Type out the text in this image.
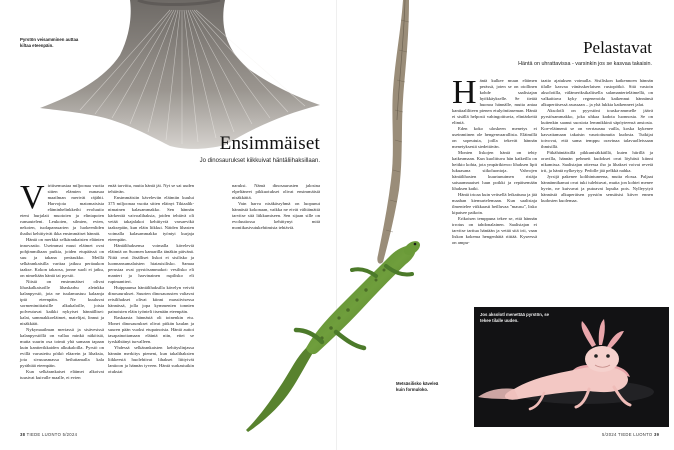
Pyrstön veisamminen auttaa kiltaa eteenpäin.
Ensimmäiset
Jo dinosaurukset kiikkuivat häntäliihaksillaan.

Viritisemustaa miljoonaa vuotta sitten elämien nunasaa maailman meriväi räjähti. Harvojoia matomaisista eläminhelinkkeihi evoluutio eteni hurjalait muotoien ja elintapoien runsauteleni. Leukoien, silmien, evien, nekoien, tuolapanssarien ja luokeenliden ihailut kehittyivät ikka ensimmäiset hännät.

Häntä on merkkä selkärankaisten eläinten innovaatio. Useimmat muut eläimet ovat pohjimmiltaan putkia, joiden etupäässä on suu ja takana peräaukko. Meillä selkärankaisilla varttaa jatkuu peräaukon taakse. Kokon takaosa, jonne suoli ei jatku, on nimeltään häntä tai pyrstö.

Niistä on ensimmäiset olivat lihaskalkaisoille lihaskarhu aleinkka kalanpyrstö, jota ne tuulamustuu kalaanja iptä eteenpäin. Ne kuuluvat sormenimittaisille alkukaloille, joista polveutuvat kaikki nykyiset hännälliset: kalat, sammakkoeläimet, matelijat, linnut ja nisäkkäät.

Nykymaailman meriassä ja sisävesissä kalanpyrstöllä on vallaa minkä näköisiä, mutta suurin osa toimii yhä samaan tapaan kuin kantterikkaiden alkukaloilla. Pyrstö on evillä varustettu pötkö eläarein ja lihaksia, jota sivuuusmassa heiluttamalla kala pyrähtää eteenpäin.

Kun selkärankaiset eläimet alkoivat tuusivat kuivalle maalle, ei evien

enää tarvittu, mutta häntä jäi. Nyt se sai uuden tehtävän.

Ensimmäisiin käveleviin eläimiin kuului 375 miljoonaa vuotta sitten eläinyt Tiktaalik-nimainen kalasammakko. Sen hännän kärkenttä vaivoalihaksia, joiden tehtävä oli vetää takajalakoi kehittyviä varsaevikä taaksepäin, kun eläin liikkui. Näiden lihasten voimalla kalasammakko työntyi kurjaja eteenpäin.

Häntälihaksensa voimalla käveleviä eläimiä on Suomen kamarilla tänäkin päivänä. Niitä ovat Jäsälliset liskot ei sisilisko ja luonnansumalaisten hiatasisilisko. Samaa perustaa ovat pyrstösammakot: vesilisko eli mantert ja harvinainen rupilisko eli rupimantteri.

Huippuunsa häntälihaksilla kävelyn veivät dinosaurukset. Suurten dinosaurusten valtavat reisilihakset olivat kiinni massiivisessa hännässä, jolla jopa kymmenien tonnien painoisten eläin työnteli itsenään eteenpäin.

Raskaasta hännästä oli toinenkin etu. Monet dinosaurukset olivat pitkän kaulan ja suuren pään vuoksi etupainoisia. Häntä auttoi tasapainottamaan eläintä niin, ettei se tyrskähtänyt turvalleen.

Yhdessä selkärankaisten kehityslinjassa hännän merkitys pieneni, kun takalihaksien liikkeestä huolehtivat lihakset liittyivät lantioon ja hännän tyveen. Häntä surkastuikin otuksiai

naruksi. Nämä dinosaurusten jalosina elpeltäneet pikkuotukset olivat ensimmäisiä nisäkkäitä.

Vain harva nisäkäsryhmä on luopunut hännästä kokonaan, vaikka ne eivät välttämättä tarvitse sitä liikkumiseen. Sen sijaan sille on evoluutiossa kehittynyt mitä moniikasivutukehtimista tehtäviä.

38 TIEDE LUONTO 5/2024
Metsäsilisko käveleä kuin formuloko.
Pelastavat
Häntä on uhrattavissa - varsinkin jos se kasvaa takaisin.

Häntä kulkee muun eläimen perässä, joten se on otollinen kohde saalistajan hyökkäykselle. Se tietää huonoa hännälle, mutta antaa kantiaaliliteen pienen etulyöntiaseman. Häntä ei sisällä helposti vahingoittuvia, elintärkeitä elimiä.

Eden koko uloskeen menetys ei useinmiinen ole hengenvaarallista. Eläimillä on sopeutuia, joilla tekevät hännän menetyksestä siedettävän.

Monien liskojen häntä on tehty katkeamaan. Kun kuolittuva hän katkeilla on heitkio kohta, jota ympärikieroo lihaksen lipit lukuasana siikoluontoja. Vahvojen häntälihasten kuurtunuimen ristäja saisaamnaaiset luun poikki ja repäisemään lihaksen katki.

Häntä irtoaa kuin veitsellä leikattuna ja jää maahan kiemurtelemaan. Kun saalistaja ilmentelee viikkaasti heilluvaa "mausu", lisko kipaisee paikoin.

Erikoisen temppuna tekee se, että hännän irrotus on tahdonalainen. Saalistajan ei tarvitse tarttua häntään ja vetää sitä irti, vaan liskon kokema hengenhätä riittää. Kyseessä on ampu-

taatio ajatuksen voimalla. Sisiliskon katkennoen hännän tilalle kasvaa vänässkerlaisen rustopötkö. Sitä vastoin aksolotilla, välämeriksikaliisella salamanterieläimellä, on valkaittava kyky regeneroida katkennut hännänsä alkuperäisessä asussaan – ja yhä lukkia katkenneet jalat.

Aksolotli on pyyrstöni touska-ammelle jäävä pyrstösammakko, joka uhkaa kadota luonnosta. Se on kuitenkin saanut suosiota lemmikkinä säpöyteensä ansiosta. Koe-eläimenä se on verrtausna vailla, koska kykenee kasvattamaan takaisin vaurioitunutta kudosta. Tutkijat toivovat, että sama temppu oravinaa talavuolleissaan ihmisillä.

Pitkähäntäisillä pikkunisäkkäillä, kuten hiirillä ja oravilla, hännän pehmeit kudokset ovat löyhästi kiinni nikamissa. Saalistajan otteessa iho ja lihakset voivat revetä irti, ja häntä nylkeytyy. Pedolle jää pelkkä nahka.

Jyrsijä pakenee kolihintuneena, mutta elossa. Paljaat hännännikamat ovat tuki tulehtuvat, mutta jon kohtei menee hyvin, ne kuivuvat ja putoavat lopulta pois. Nylleyytyä hännästä alkuperäisen pyrstön sensäisisi kiiver ennen kudosten kuolemaa.

5/2024 TIEDE LUONTO 39
Jos aksolotl menettää pyrstön, se tekee tilalle uuden.
